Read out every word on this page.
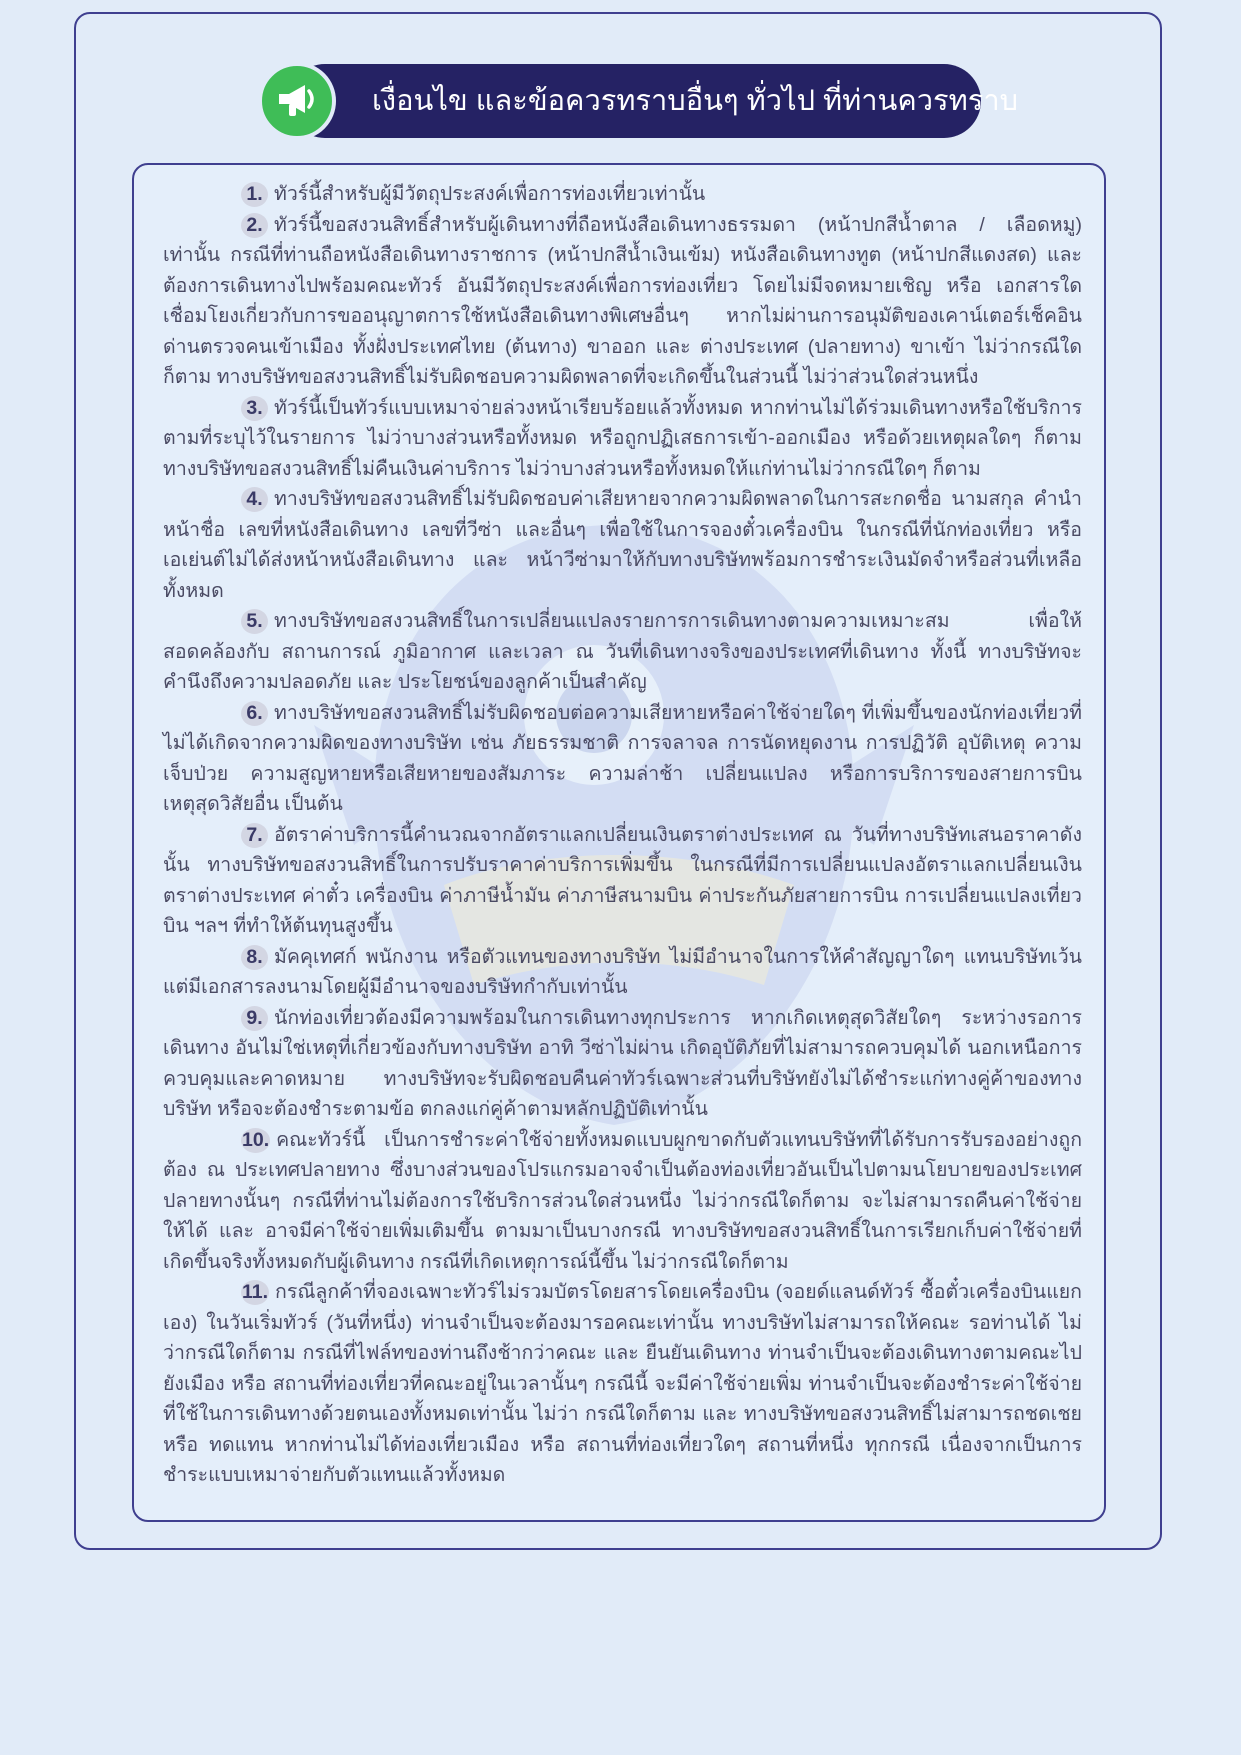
เงื่อนไข และข้อควรทราบอื่นๆ ทั่วไป ที่ท่านควรทราบ
1. ทัวร์นี้สำหรับผู้มีวัตถุประสงค์เพื่อการท่องเที่ยวเท่านั้น
2. ทัวร์นี้ขอสงวนสิทธิ์สำหรับผู้เดินทางที่ถือหนังสือเดินทางธรรมดา (หน้าปกสีน้ำตาล / เลือดหมู) เท่านั้น กรณีที่ท่านถือหนังสือเดินทางราชการ (หน้าปกสีน้ำเงินเข้ม) หนังสือเดินทางทูต (หน้าปกสีแดงสด) และต้องการเดินทางไปพร้อมคณะทัวร์ อันมีวัตถุประสงค์เพื่อการท่องเที่ยว โดยไม่มีจดหมายเชิญ หรือ เอกสารใดเชื่อมโยงเกี่ยวกับการขออนุญาตการใช้หนังสือเดินทางพิเศษอื่นๆ หากไม่ผ่านการอนุมัติของเคาน์เตอร์เช็คอิน ด่านตรวจคนเข้าเมือง ทั้งฝั่งประเทศไทย (ต้นทาง) ขาออก และ ต่างประเทศ (ปลายทาง) ขาเข้า ไม่ว่ากรณีใดก็ตาม ทางบริษัทขอสงวนสิทธิ์ไม่รับผิดชอบความผิดพลาดที่จะเกิดขึ้นในส่วนนี้ ไม่ว่าส่วนใดส่วนหนึ่ง
3. ทัวร์นี้เป็นทัวร์แบบเหมาจ่ายล่วงหน้าเรียบร้อยแล้วทั้งหมด หากท่านไม่ได้ร่วมเดินทางหรือใช้บริการตามที่ระบุไว้ในรายการ ไม่ว่าบางส่วนหรือทั้งหมด หรือถูกปฏิเสธการเข้า-ออกเมือง หรือด้วยเหตุผลใดๆ ก็ตาม ทางบริษัทขอสงวนสิทธิ์ไม่คืนเงินค่าบริการ ไม่ว่าบางส่วนหรือทั้งหมดให้แก่ท่านไม่ว่ากรณีใดๆ ก็ตาม
4. ทางบริษัทขอสงวนสิทธิ์ไม่รับผิดชอบค่าเสียหายจากความผิดพลาดในการสะกดชื่อ นามสกุล คำนำหน้าชื่อ เลขที่หนังสือเดินทาง เลขที่วีซ่า และอื่นๆ เพื่อใช้ในการจองตั๋วเครื่องบิน ในกรณีที่นักท่องเที่ยว หรือเอเย่นต์ไม่ได้ส่งหน้าหนังสือเดินทาง และ หน้าวีซ่ามาให้กับทางบริษัทพร้อมการชำระเงินมัดจำหรือส่วนที่เหลือทั้งหมด
5. ทางบริษัทขอสงวนสิทธิ์ในการเปลี่ยนแปลงรายการการเดินทางตามความเหมาะสม เพื่อให้สอดคล้องกับ สถานการณ์ ภูมิอากาศ และเวลา ณ วันที่เดินทางจริงของประเทศที่เดินทาง ทั้งนี้ ทางบริษัทจะคำนึงถึงความปลอดภัย และ ประโยชน์ของลูกค้าเป็นสำคัญ
6. ทางบริษัทขอสงวนสิทธิ์ไม่รับผิดชอบต่อความเสียหายหรือค่าใช้จ่ายใดๆ ที่เพิ่มขึ้นของนักท่องเที่ยวที่ไม่ได้เกิดจากความผิดของทางบริษัท เช่น ภัยธรรมชาติ การจลาจล การนัดหยุดงาน การปฏิวัติ อุบัติเหตุ ความเจ็บป่วย ความสูญหายหรือเสียหายของสัมภาระ ความล่าช้า เปลี่ยนแปลง หรือการบริการของสายการบิน เหตุสุดวิสัยอื่น เป็นต้น
7. อัตราค่าบริการนี้คำนวณจากอัตราแลกเปลี่ยนเงินตราต่างประเทศ ณ วันที่ทางบริษัทเสนอราคาดังนั้น ทางบริษัทขอสงวนสิทธิ์ในการปรับราคาค่าบริการเพิ่มขึ้น ในกรณีที่มีการเปลี่ยนแปลงอัตราแลกเปลี่ยนเงินตราต่างประเทศ ค่าตั๋ว เครื่องบิน ค่าภาษีน้ำมัน ค่าภาษีสนามบิน ค่าประกันภัยสายการบิน การเปลี่ยนแปลงเที่ยวบิน ฯลฯ ที่ทำให้ต้นทุนสูงขึ้น
8. มัคคุเทศก์ พนักงาน หรือตัวแทนของทางบริษัท ไม่มีอำนาจในการให้คำสัญญาใดๆ แทนบริษัทเว้นแต่มีเอกสารลงนามโดยผู้มีอำนาจของบริษัทกำกับเท่านั้น
9. นักท่องเที่ยวต้องมีความพร้อมในการเดินทางทุกประการ หากเกิดเหตุสุดวิสัยใดๆ ระหว่างรอการเดินทาง อันไม่ใช่เหตุที่เกี่ยวข้องกับทางบริษัท อาทิ วีซ่าไม่ผ่าน เกิดอุบัติภัยที่ไม่สามารถควบคุมได้ นอกเหนือการควบคุมและคาดหมาย ทางบริษัทจะรับผิดชอบคืนค่าทัวร์เฉพาะส่วนที่บริษัทยังไม่ได้ชำระแก่ทางคู่ค้าของทางบริษัท หรือจะต้องชำระตามข้อ ตกลงแก่คู่ค้าตามหลักปฏิบัติเท่านั้น
10. คณะทัวร์นี้ เป็นการชำระค่าใช้จ่ายทั้งหมดแบบผูกขาดกับตัวแทนบริษัทที่ได้รับการรับรองอย่างถูกต้อง ณ ประเทศปลายทาง ซึ่งบางส่วนของโปรแกรมอาจจำเป็นต้องท่องเที่ยวอันเป็นไปตามนโยบายของประเทศปลายทางนั้นๆ กรณีที่ท่านไม่ต้องการใช้บริการส่วนใดส่วนหนึ่ง ไม่ว่ากรณีใดก็ตาม จะไม่สามารถคืนค่าใช้จ่ายให้ได้ และ อาจมีค่าใช้จ่ายเพิ่มเติมขึ้น ตามมาเป็นบางกรณี ทางบริษัทขอสงวนสิทธิ์ในการเรียกเก็บค่าใช้จ่ายที่เกิดขึ้นจริงทั้งหมดกับผู้เดินทาง กรณีที่เกิดเหตุการณ์นี้ขึ้น ไม่ว่ากรณีใดก็ตาม
11. กรณีลูกค้าที่จองเฉพาะทัวร์ไม่รวมบัตรโดยสารโดยเครื่องบิน (จอยด์แลนด์ทัวร์ ซื้อตั๋วเครื่องบินแยกเอง) ในวันเริ่มทัวร์ (วันที่หนึ่ง) ท่านจำเป็นจะต้องมารอคณะเท่านั้น ทางบริษัทไม่สามารถให้คณะ รอท่านได้ ไม่ว่ากรณีใดก็ตาม กรณีที่ไฟล์ทของท่านถึงช้ากว่าคณะ และ ยืนยันเดินทาง ท่านจำเป็นจะต้องเดินทางตามคณะไปยังเมือง หรือ สถานที่ท่องเที่ยวที่คณะอยู่ในเวลานั้นๆ กรณีนี้ จะมีค่าใช้จ่ายเพิ่ม ท่านจำเป็นจะต้องชำระค่าใช้จ่ายที่ใช้ในการเดินทางด้วยตนเองทั้งหมดเท่านั้น ไม่ว่า กรณีใดก็ตาม และ ทางบริษัทขอสงวนสิทธิ์ไม่สามารถชดเชย หรือ ทดแทน หากท่านไม่ได้ท่องเที่ยวเมือง หรือ สถานที่ท่องเที่ยวใดๆ สถานที่หนึ่ง ทุกกรณี เนื่องจากเป็นการชำระแบบเหมาจ่ายกับตัวแทนแล้วทั้งหมด
